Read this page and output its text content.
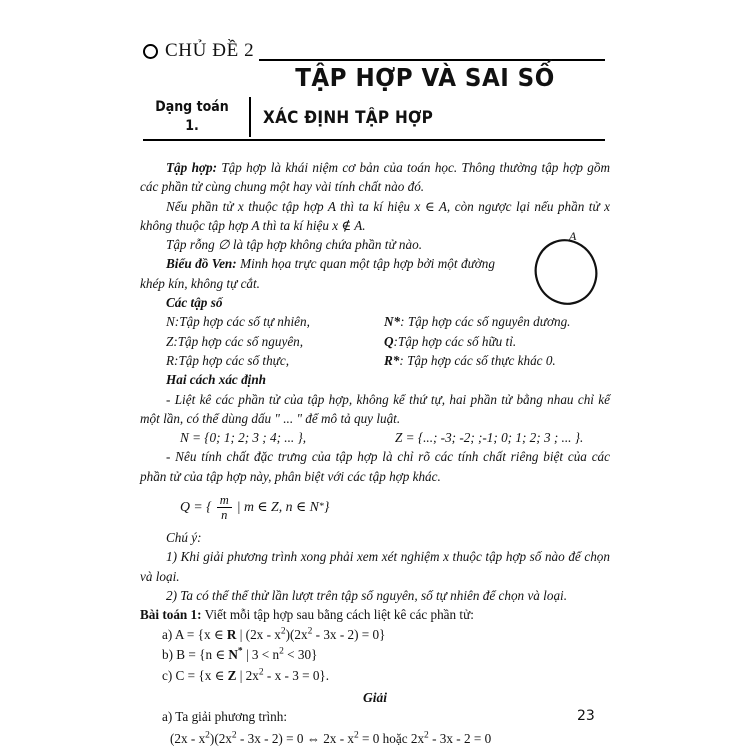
CHỦ ĐỀ 2
TẬP HỢP VÀ SAI SỐ
Dạng toán
1.	XÁC ĐỊNH TẬP HỢP
A

Tập hợp: Tập hợp là khái niệm cơ bản của toán học. Thông thường tập hợp gồm các phần tử cùng chung một hay vài tính chất nào đó.

Nếu phần tử x thuộc tập hợp A thì ta kí hiệu x ∈ A, còn ngược lại nếu phần tử x không thuộc tập hợp A thì ta kí hiệu x ∉ A.

Tập rỗng ∅ là tập hợp không chứa phần tử nào.

Biểu đồ Ven: Minh họa trực quan một tập hợp bởi một đường khép kín, không tự cắt.

Các tập số

N:Tập hợp các số tự nhiên,
Z:Tập hợp các số nguyên,
R:Tập hợp các số thực,
N*: Tập hợp các số nguyên dương.
Q:Tập hợp các số hữu tỉ.
R*: Tập hợp các số thực khác 0.

Hai cách xác định

- Liệt kê các phần tử của tập hợp, không kể thứ tự, hai phần tử bằng nhau chỉ kể một lần, có thể dùng dấu " ... " để mô tả quy luật.

N = {0; 1; 2; 3 ; 4; ... },	Z = {...; -3; -2; ;-1; 0; 1; 2; 3 ; ... }.

- Nêu tính chất đặc trưng của tập hợp là chỉ rõ các tính chất riêng biệt của các phần tử của tập hợp này, phân biệt với các tập hợp khác.

Q = { $\frac{m}{n}$ | m ∈ Z, n ∈ N * }

Chú ý:

1) Khi giải phương trình xong phải xem xét nghiệm x thuộc tập hợp số nào để chọn và loại.

2) Ta có thể thể thử lần lượt trên tập số nguyên, số tự nhiên để chọn và loại.

Bài toán 1: Viết mỗi tập hợp sau bằng cách liệt kê các phần tử:

a) A = {x ∈ R | $(2x - x^2)(2x^2 - 3x - 2) = 0$}

b) B = {n ∈ N* | $3 < n^2 < 30$}

c) C = {x ∈ Z | $2x^2 - x - 3 = 0$}.

Giải

a) Ta giải phương trình:

$(2x - x^2)(2x^2 - 3x - 2) = 0$ ⇔ $2x - x^2 = 0$ hoặc $2x^2 - 3x - 2 = 0$

23
